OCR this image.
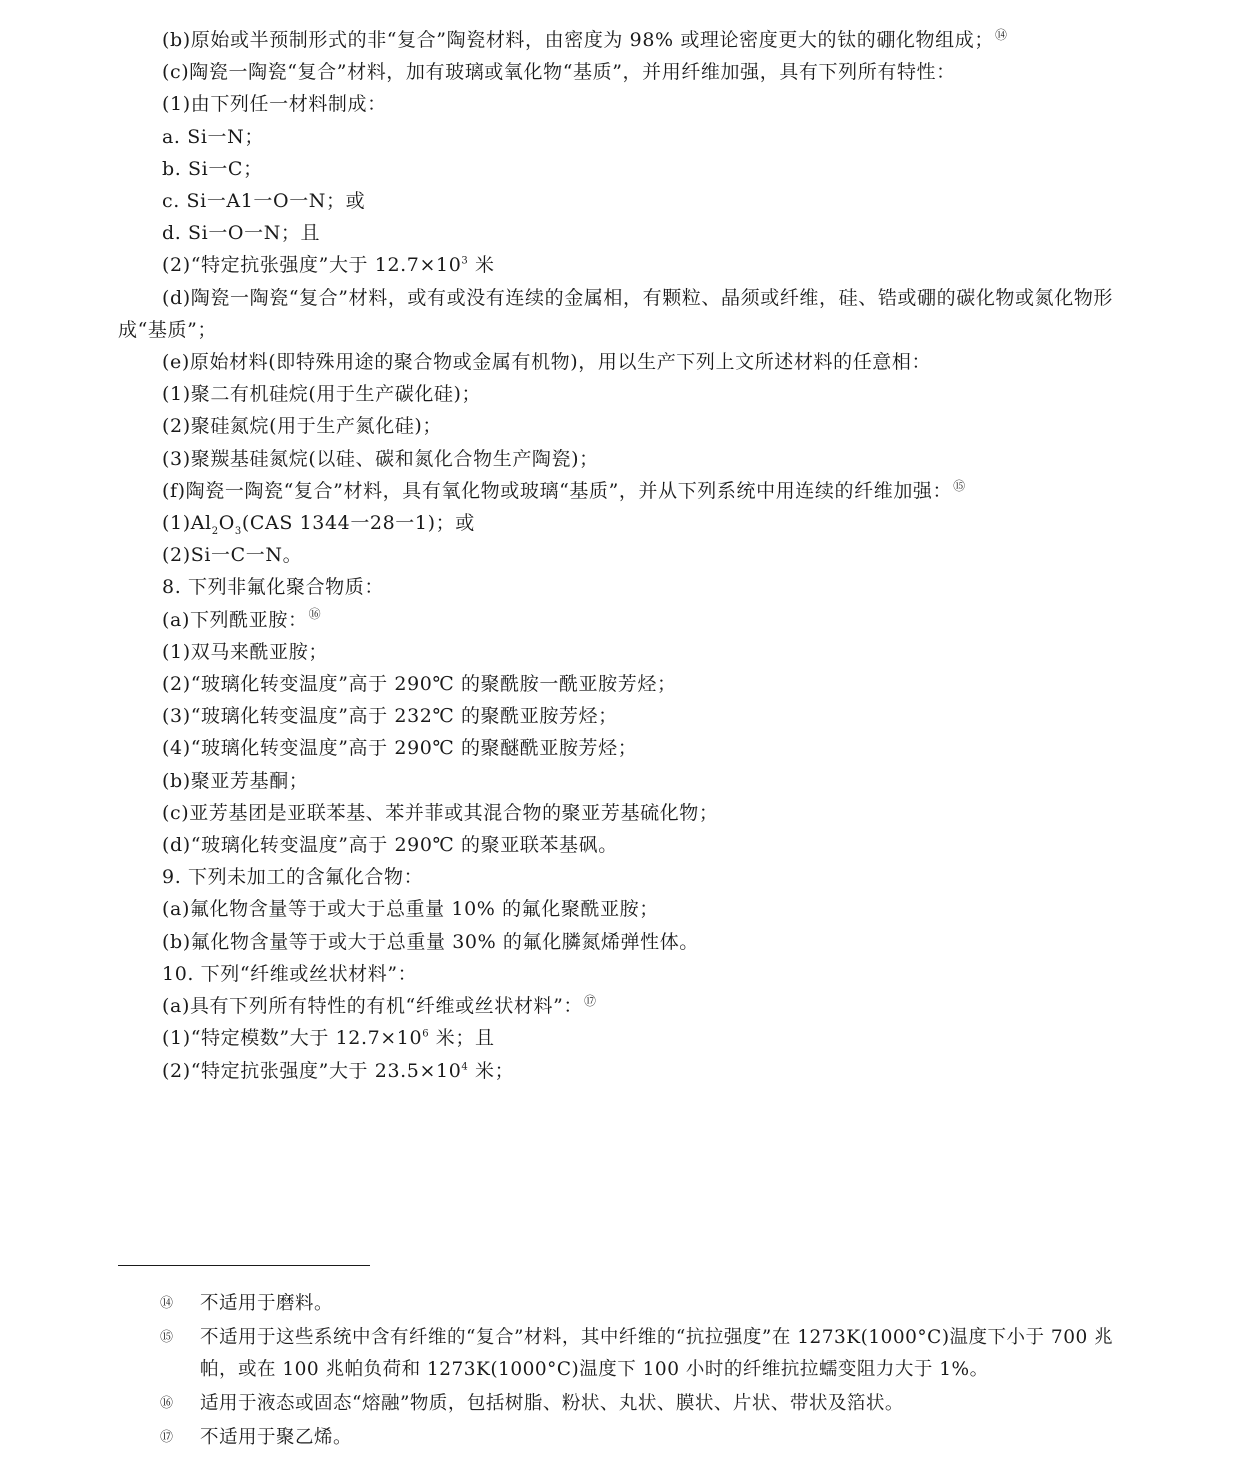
(b)原始或半预制形式的非“复合”陶瓷材料，由密度为 98% 或理论密度更大的钛的硼化物组成；⑭
(c)陶瓷一陶瓷“复合”材料，加有玻璃或氧化物“基质”，并用纤维加强，具有下列所有特性：
(1)由下列任一材料制成：
a. Si一N；
b. Si一C；
c. Si一A1一O一N；或
d. Si一O一N；且
(2)“特定抗张强度”大于 $12.7\times 10^3$ 米
(d)陶瓷一陶瓷“复合”材料，或有或没有连续的金属相，有颗粒、晶须或纤维，硅、锆或硼的碳化物或氮化物形成“基质”；
(e)原始材料(即特殊用途的聚合物或金属有机物)，用以生产下列上文所述材料的任意相：
(1)聚二有机硅烷(用于生产碳化硅)；
(2)聚硅氮烷(用于生产氮化硅)；
(3)聚羰基硅氮烷(以硅、碳和氮化合物生产陶瓷)；
(f)陶瓷一陶瓷“复合”材料，具有氧化物或玻璃“基质”，并从下列系统中用连续的纤维加强：⑮
$(1)Al_2O_3(CAS$ 1344一28一1)；或
(2)Si一C一N。
8. 下列非氟化聚合物质：
(a)下列酰亚胺：⑯
(1)双马来酰亚胺；
(2)“玻璃化转变温度”高于 290℃ 的聚酰胺一酰亚胺芳烃；
(3)“玻璃化转变温度”高于 232℃ 的聚酰亚胺芳烃；
(4)“玻璃化转变温度”高于 290℃ 的聚醚酰亚胺芳烃；
(b)聚亚芳基酮；
(c)亚芳基团是亚联苯基、苯并菲或其混合物的聚亚芳基硫化物；
(d)“玻璃化转变温度”高于 290℃ 的聚亚联苯基砜。
9. 下列未加工的含氟化合物：
(a)氟化物含量等于或大于总重量 10% 的氟化聚酰亚胺；
(b)氟化物含量等于或大于总重量 30% 的氟化膦氮烯弹性体。
10. 下列“纤维或丝状材料”：
(a)具有下列所有特性的有机“纤维或丝状材料”：⑰
(1)“特定模数”大于 $12.7\times 10^6$ 米；且
(2)“特定抗张强度”大于 $23.5\times 10^4$ 米；
⑭	不适用于磨料。
⑮	不适用于这些系统中含有纤维的“复合”材料，其中纤维的“抗拉强度”在 1273K(1000°C)温度下小于 700 兆帕，或在 100 兆帕负荷和 1273K(1000°C)温度下 100 小时的纤维抗拉蠕变阻力大于 1%。
⑯	适用于液态或固态“熔融”物质，包括树脂、粉状、丸状、膜状、片状、带状及箔状。
⑰	不适用于聚乙烯。
